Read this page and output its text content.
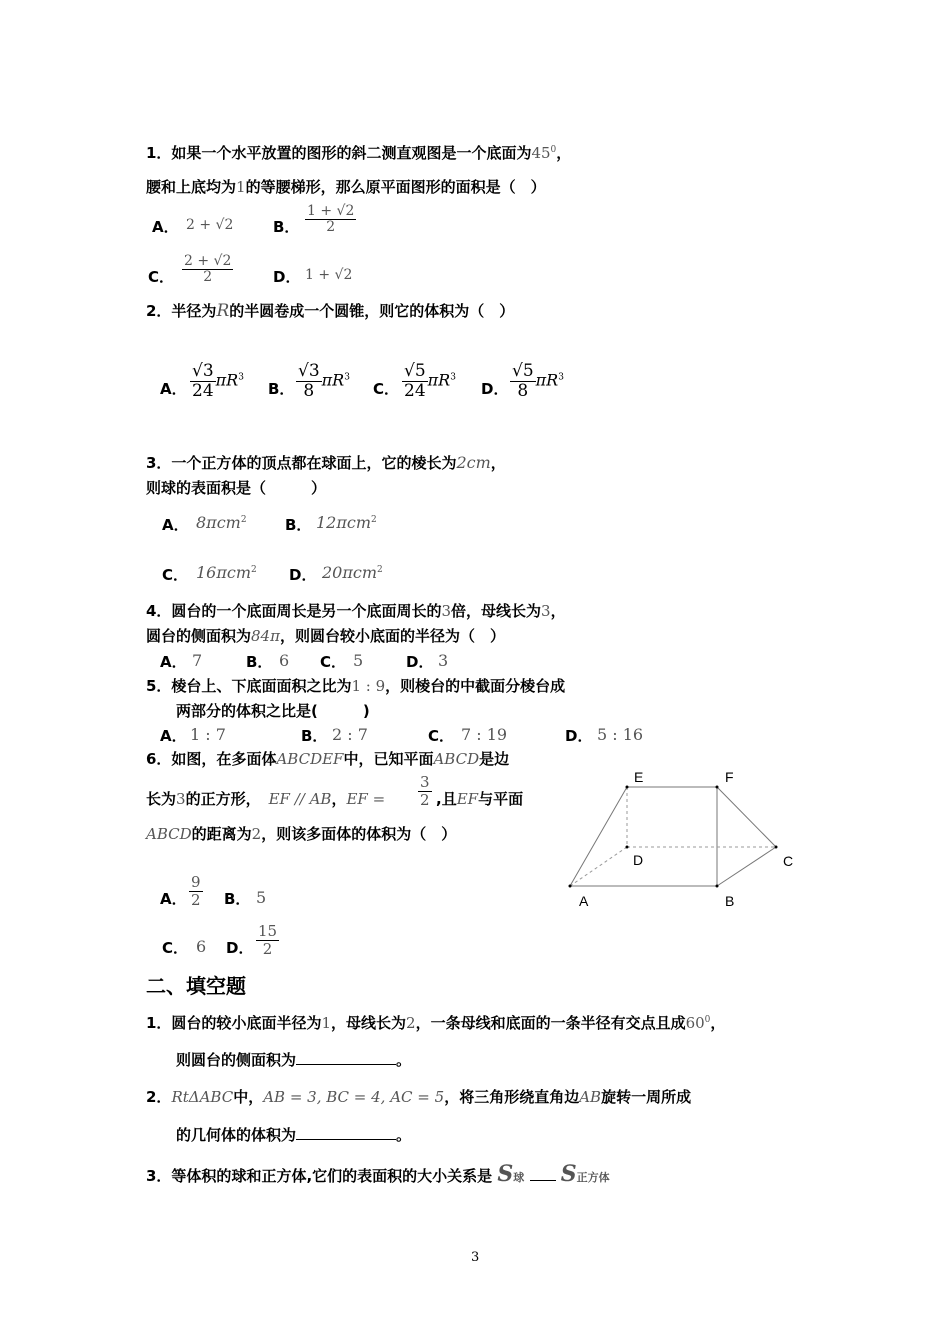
1．如果一个水平放置的图形的斜二测直观图是一个底面为$45^0$，
腰和上底均为1的等腰梯形，那么原平面图形的面积是（　）
A． 2 + √2	B． $\frac{1 + √2}{2}$
C． $\frac{2 + √2}{2}$	D． 1 + √2
2．半径为R的半圆卷成一个圆锥，则它的体积为（　）
A． $\frac{√3}{24} \pi R^3$
B． $\frac{√3}{8} \pi R^3$
C． $\frac{√5}{24} \pi R^3$
D． $\frac{√5}{8} \pi R^3$
3．一个正方体的顶点都在球面上，它的棱长为2cm，
则球的表面积是（　　　）
A． 8πcm$^2$	B． 12πcm$^2$
C． 16πcm$^2$ D． 20πcm$^2$
4．圆台的一个底面周长是另一个底面周长的3倍，母线长为3，
圆台的侧面积为84π，则圆台较小底面的半径为（　）
A． 7	B． 6 C． 5	D． 3
5．棱台上、下底面面积之比为1 : 9，则棱台的中截面分棱台成
两部分的体积之比是(　　　)
A． 1 : 7	B． 2 : 7	C． 7 : 19	D． 5 : 16
6．如图，在多面体ABCDEF中，已知平面ABCD是边
长为3的正方形， EF // AB，EF = $\frac{3}{2}$ ,且EF与平面
ABCD的距离为2，则该多面体的体积为（　）
A． $\frac{9}{2}$ B． 5
C． 6 D． $\frac{15}{2}$
E	F
D	C
A	B
二、填空题
1．圆台的较小底面半径为1，母线长为2，一条母线和底面的一条半径有交点且成$60^0$，
则圆台的侧面积为	。
2．RtΔABC中，AB = 3, BC = 4, AC = 5，将三角形绕直角边AB旋转一周所成
的几何体的体积为	。
3．等体积的球和正方体,它们的表面积的大小关系是 S球 S正方体
3
